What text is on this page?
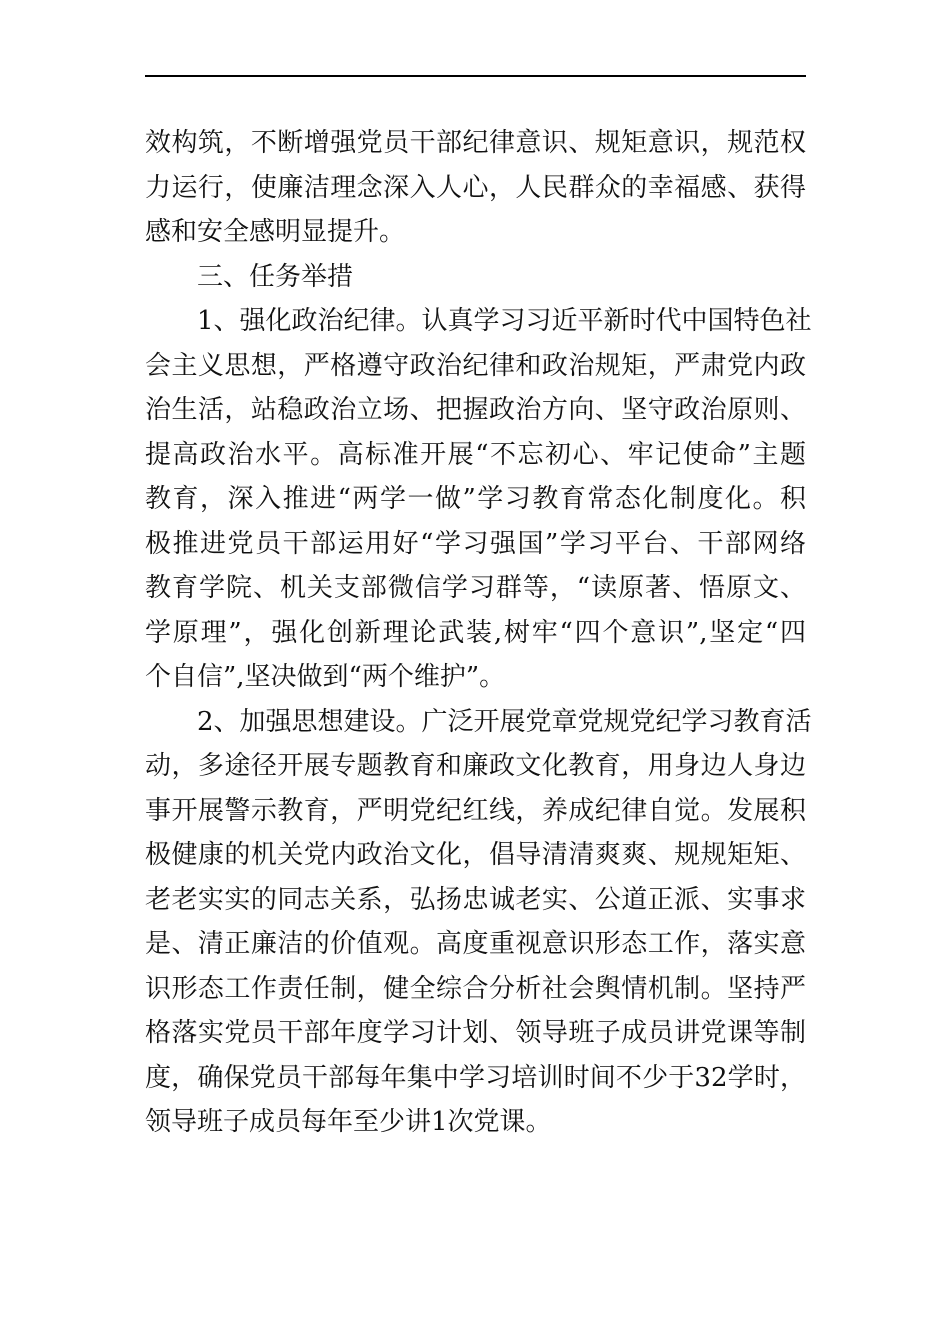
效构筑，不断增强党员干部纪律意识、规矩意识，规范权
力运行，使廉洁理念深入人心，人民群众的幸福感、获得
感和安全感明显提升。
三、任务举措
1、强化政治纪律。认真学习习近平新时代中国特色社
会主义思想，严格遵守政治纪律和政治规矩，严肃党内政
治生活，站稳政治立场、把握政治方向、坚守政治原则、
提高政治水平。高标准开展“不忘初心、牢记使命”主题
教育，深入推进“两学一做”学习教育常态化制度化。积
极推进党员干部运用好“学习强国”学习平台、干部网络
教育学院、机关支部微信学习群等，“读原著、悟原文、
学原理”，强化创新理论武装,树牢“四个意识”,坚定“四
个自信”,坚决做到“两个维护”。
2、加强思想建设。广泛开展党章党规党纪学习教育活
动，多途径开展专题教育和廉政文化教育，用身边人身边
事开展警示教育，严明党纪红线，养成纪律自觉。发展积
极健康的机关党内政治文化，倡导清清爽爽、规规矩矩、
老老实实的同志关系，弘扬忠诚老实、公道正派、实事求
是、清正廉洁的价值观。高度重视意识形态工作，落实意
识形态工作责任制，健全综合分析社会舆情机制。坚持严
格落实党员干部年度学习计划、领导班子成员讲党课等制
度，确保党员干部每年集中学习培训时间不少于32学时，
领导班子成员每年至少讲1次党课。
